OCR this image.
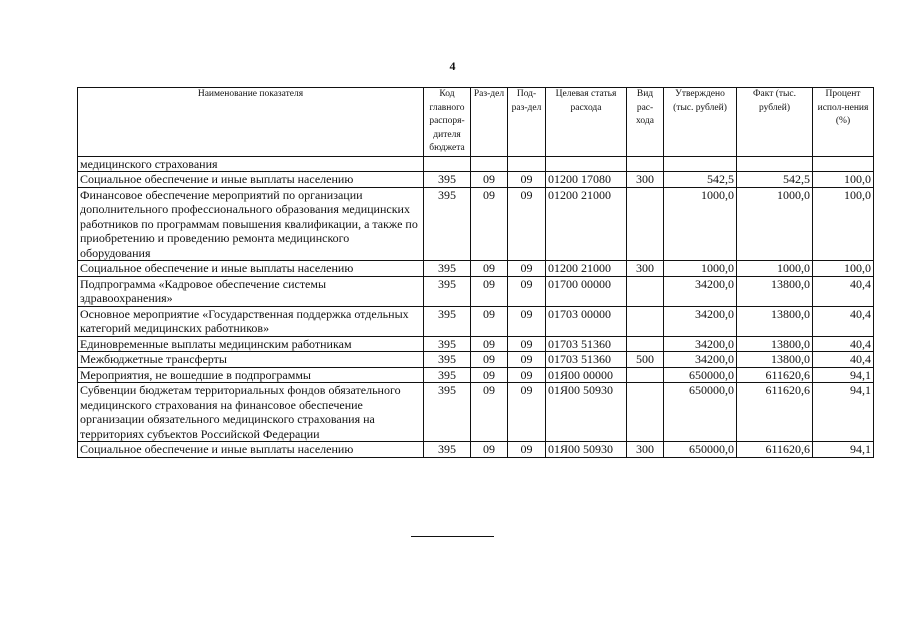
4
Наименование показателя	Код главного распоря-дителя бюджета	Раз-дел	Под-раз-дел	Целевая статья расхода	Вид рас-хода	Утверждено (тыс. рублей)	Факт (тыс. рублей)	Процент испол-нения (%)
медицинского страхования								
Социальное обеспечение и иные выплаты населению	395	09	09	01200 17080	300	542,5	542,5	100,0
Финансовое обеспечение мероприятий по организации дополнительного профессионального образования медицинских работников по программам повышения квалификации, а также по приобретению и проведению ремонта медицинского оборудования	395	09	09	01200 21000		1000,0	1000,0	100,0
Социальное обеспечение и иные выплаты населению	395	09	09	01200 21000	300	1000,0	1000,0	100,0
Подпрограмма «Кадровое обеспечение системы здравоохранения»	395	09	09	01700 00000		34200,0	13800,0	40,4
Основное мероприятие «Государственная поддержка отдельных категорий медицинских работников»	395	09	09	01703 00000		34200,0	13800,0	40,4
Единовременные выплаты медицинским работникам	395	09	09	01703 51360		34200,0	13800,0	40,4
Межбюджетные трансферты	395	09	09	01703 51360	500	34200,0	13800,0	40,4
Мероприятия, не вошедшие в подпрограммы	395	09	09	01Я00 00000		650000,0	611620,6	94,1
Субвенции бюджетам территориальных фондов обязательного медицинского страхования на финансовое обеспечение организации обязательного медицинского страхования на территориях субъектов Российской Федерации	395	09	09	01Я00 50930		650000,0	611620,6	94,1
Социальное обеспечение и иные выплаты населению	395	09	09	01Я00 50930	300	650000,0	611620,6	94,1
